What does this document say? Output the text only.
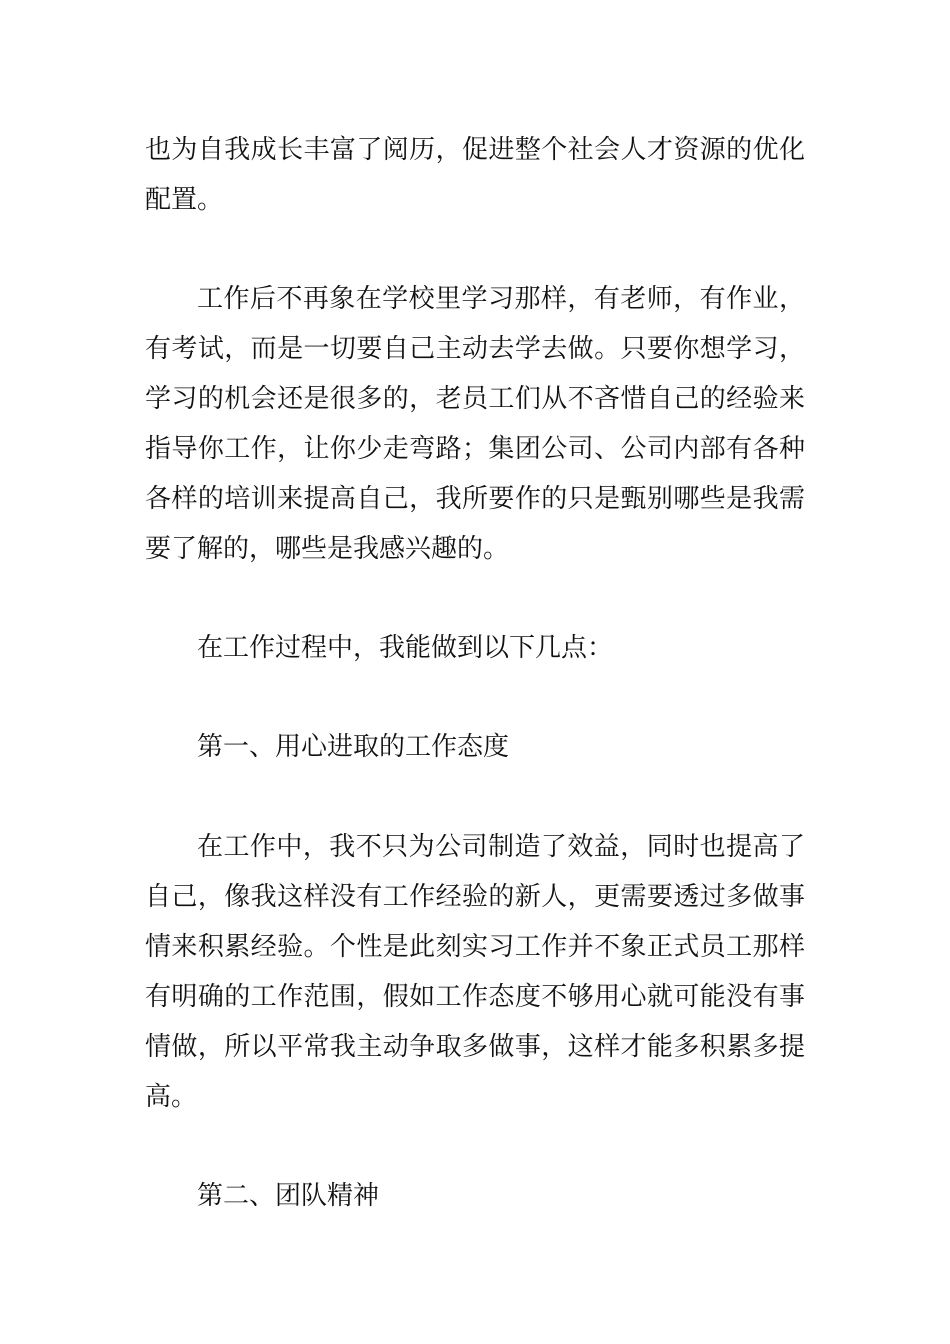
也为自我成长丰富了阅历，促进整个社会人才资源的优化

配置。

工作后不再象在学校里学习那样，有老师，有作业，

有考试，而是一切要自己主动去学去做。只要你想学习，

学习的机会还是很多的，老员工们从不吝惜自己的经验来

指导你工作，让你少走弯路；集团公司、公司内部有各种

各样的培训来提高自己，我所要作的只是甄别哪些是我需

要了解的，哪些是我感兴趣的。

在工作过程中，我能做到以下几点：

第一、用心进取的工作态度

在工作中，我不只为公司制造了效益，同时也提高了

自己，像我这样没有工作经验的新人，更需要透过多做事

情来积累经验。个性是此刻实习工作并不象正式员工那样

有明确的工作范围，假如工作态度不够用心就可能没有事

情做，所以平常我主动争取多做事，这样才能多积累多提

高。

第二、团队精神
